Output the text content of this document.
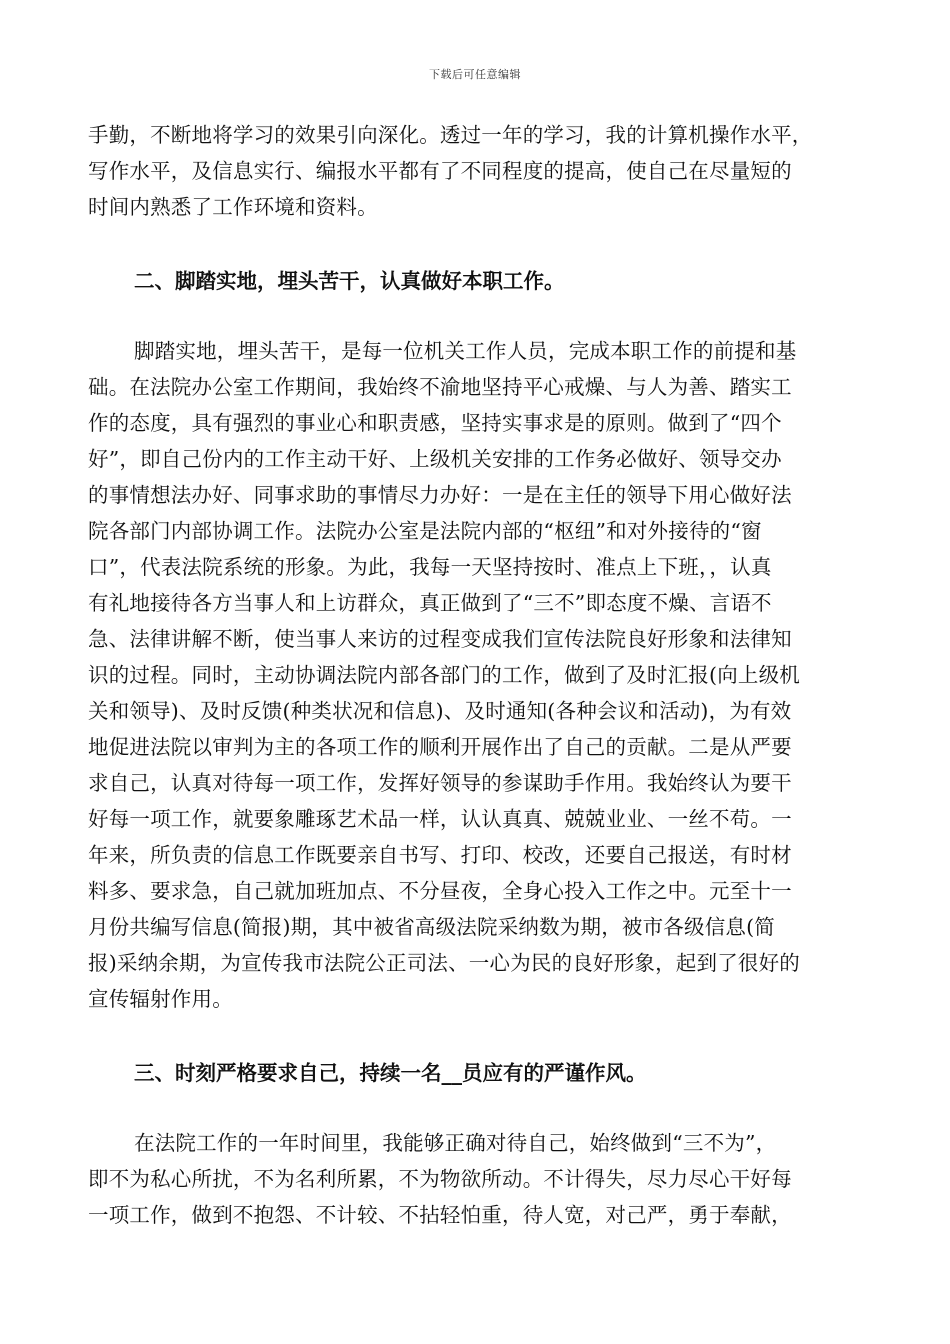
下载后可任意编辑
手勤，不断地将学习的效果引向深化。透过一年的学习，我的计算机操作水平，
写作水平，及信息实行、编报水平都有了不同程度的提高，使自己在尽量短的
时间内熟悉了工作环境和资料。
二、脚踏实地，埋头苦干，认真做好本职工作。
脚踏实地，埋头苦干，是每一位机关工作人员，完成本职工作的前提和基
础。在法院办公室工作期间，我始终不渝地坚持平心戒燥、与人为善、踏实工
作的态度，具有强烈的事业心和职责感，坚持实事求是的原则。做到了“四个
好”，即自己份内的工作主动干好、上级机关安排的工作务必做好、领导交办
的事情想法办好、同事求助的事情尽力办好：一是在主任的领导下用心做好法
院各部门内部协调工作。法院办公室是法院内部的“枢纽”和对外接待的“窗
口”，代表法院系统的形象。为此，我每一天坚持按时、准点上下班，，认真
有礼地接待各方当事人和上访群众，真正做到了“三不”即态度不燥、言语不
急、法律讲解不断，使当事人来访的过程变成我们宣传法院良好形象和法律知
识的过程。同时，主动协调法院内部各部门的工作，做到了及时汇报(向上级机
关和领导)、及时反馈(种类状况和信息)、及时通知(各种会议和活动)，为有效
地促进法院以审判为主的各项工作的顺利开展作出了自己的贡献。二是从严要
求自己，认真对待每一项工作，发挥好领导的参谋助手作用。我始终认为要干
好每一项工作，就要象雕琢艺术品一样，认认真真、兢兢业业、一丝不苟。一
年来，所负责的信息工作既要亲自书写、打印、校改，还要自己报送，有时材
料多、要求急，自己就加班加点、不分昼夜，全身心投入工作之中。元至十一
月份共编写信息(简报)期，其中被省高级法院采纳数为期，被市各级信息(简
报)采纳余期，为宣传我市法院公正司法、一心为民的良好形象，起到了很好的
宣传辐射作用。
三、时刻严格要求自己，持续一名__员应有的严谨作风。
在法院工作的一年时间里，我能够正确对待自己，始终做到“三不为”，
即不为私心所扰，不为名利所累，不为物欲所动。不计得失，尽力尽心干好每
一项工作，做到不抱怨、不计较、不拈轻怕重，待人宽，对己严，勇于奉献，
